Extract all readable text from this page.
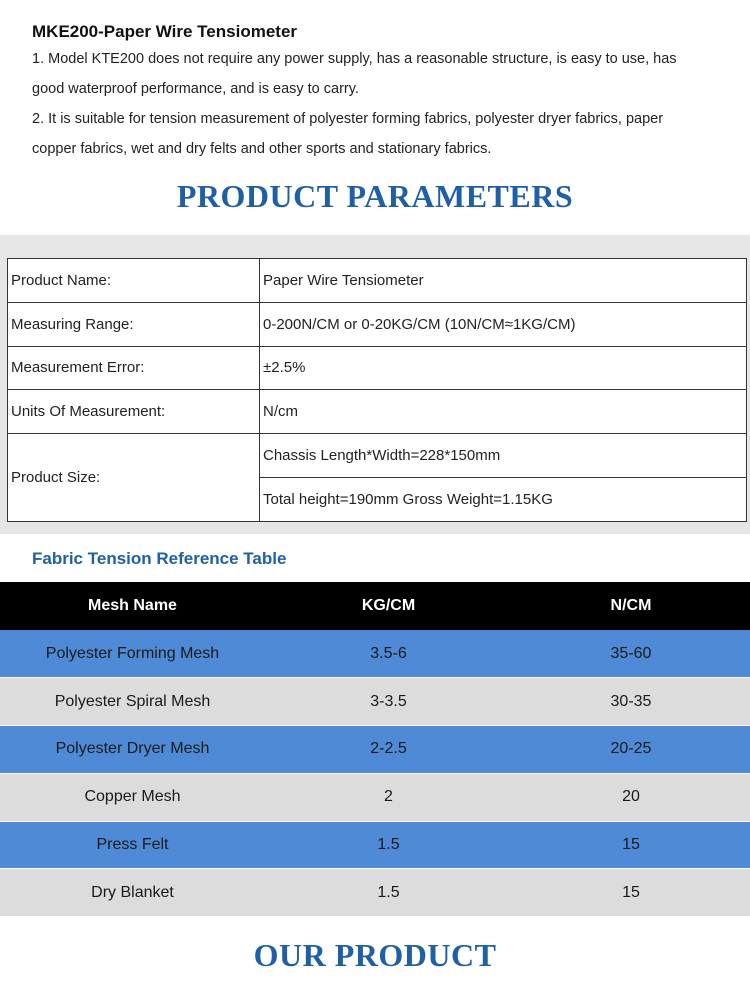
MKE200-Paper Wire Tensiometer

1. Model KTE200 does not require any power supply, has a reasonable structure, is easy to use, has

good waterproof performance, and is easy to carry.

2. It is suitable for tension measurement of polyester forming fabrics, polyester dryer fabrics, paper

copper fabrics, wet and dry felts and other sports and stationary fabrics.

PRODUCT PARAMETERS
Product Name:	Paper Wire Tensiometer
Measuring Range:	0-200N/CM or 0-20KG/CM (10N/CM≈1KG/CM)
Measurement Error:	±2.5%
Units Of Measurement:	N/cm
Product Size:	Chassis Length*Width=228*150mm
	Total height=190mm Gross Weight=1.15KG
Fabric Tension Reference Table
Mesh Name	KG/CM	N/CM
Polyester Forming Mesh	3.5-6	35-60
Polyester Spiral Mesh	3-3.5	30-35
Polyester Dryer Mesh	2-2.5	20-25
Copper Mesh	2	20
Press Felt	1.5	15
Dry Blanket	1.5	15
OUR PRODUCT
